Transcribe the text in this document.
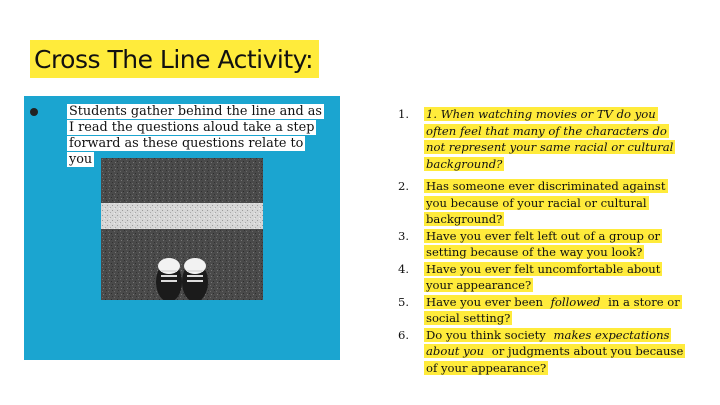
Cross The Line Activity:
Students gather behind the line and as I read the questions aloud take a step forward as these questions relate to you
1.	1. When watching movies or TV do you often feel that many of the characters do not represent your same racial or cultural background?
2.	Has someone ever discriminated against you because of your racial or cultural background?
3.	Have you ever felt left out of a group or setting because of the way you look?
4.	Have you ever felt uncomfortable about your appearance?
5.	Have you ever been followed in a store or social setting?
6.	Do you think society makes expectations about you or judgments about you because of your appearance?
